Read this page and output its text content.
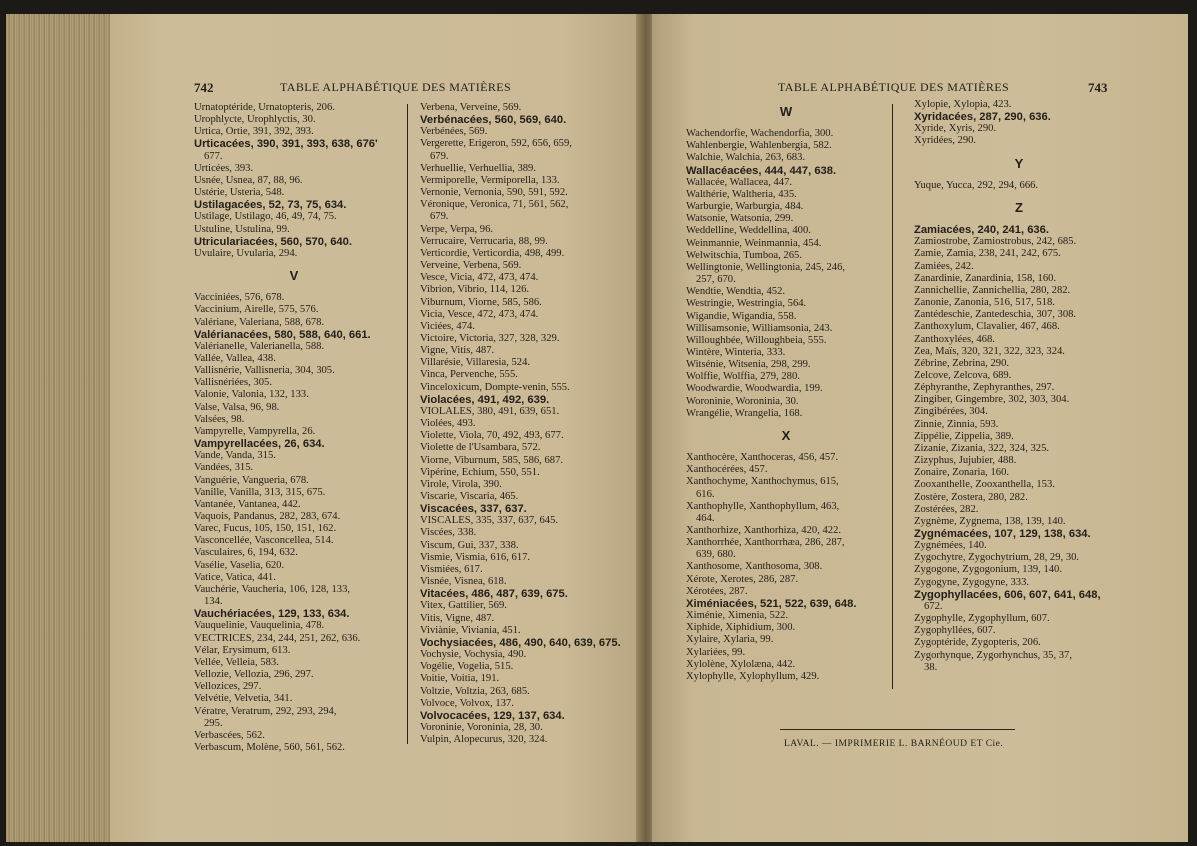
742	TABLE ALPHABÉTIQUE DES MATIÈRES

Urnatoptéride, Urnatopteris, 206.

Urophlycte, Urophlyctis, 30.

Urtica, Ortie, 391, 392, 393.

Urticacées, 390, 391, 393, 638, 676'

677.

Urticées, 393.

Usnée, Usnea, 87, 88, 96.

Ustérie, Usteria, 548.

Ustilagacées, 52, 73, 75, 634.

Ustilage, Ustilago, 46, 49, 74, 75.

Ustuline, Ustulina, 99.

Utriculariacées, 560, 570, 640.

Uvulaire, Uvularia, 294.

V

Vacciniées, 576, 678.

Vaccinium, Airelle, 575, 576.

Valériane, Valeriana, 588, 678.

Valérianacées, 580, 588, 640, 661.

Valérianelle, Valerianella, 588.

Vallée, Vallea, 438.

Vallisnérie, Vallisneria, 304, 305.

Vallisnériées, 305.

Valonie, Valonia, 132, 133.

Valse, Valsa, 96, 98.

Valsées, 98.

Vampyrelle, Vampyrella, 26.

Vampyrellacées, 26, 634.

Vande, Vanda, 315.

Vandées, 315.

Vanguérie, Vangueria, 678.

Vanille, Vanilla, 313, 315, 675.

Vantanée, Vantanea, 442.

Vaquois, Pandanus, 282, 283, 674.

Varec, Fucus, 105, 150, 151, 162.

Vasconcellée, Vasconcellea, 514.

Vasculaires, 6, 194, 632.

Vasélie, Vaselia, 620.

Vatice, Vatica, 441.

Vauchérie, Vaucheria, 106, 128, 133,

134.

Vauchériacées, 129, 133, 634.

Vauquelinie, Vauquelinia, 478.

VECTRICES, 234, 244, 251, 262, 636.

Vélar, Erysimum, 613.

Vellée, Velleia, 583.

Vellozie, Vellozia, 296, 297.

Vellozices, 297.

Velvétie, Velvetia, 341.

Vératre, Veratrum, 292, 293, 294,

295.

Verbascées, 562.

Verbascum, Molène, 560, 561, 562.

Verbena, Verveine, 569.

Verbénacées, 560, 569, 640.

Verbénées, 569.

Vergerette, Erigeron, 592, 656, 659,

679.

Verhuellie, Verhuellia, 389.

Vermiporelle, Vermiporella, 133.

Vernonie, Vernonia, 590, 591, 592.

Véronique, Veronica, 71, 561, 562,

679.

Verpe, Verpa, 96.

Verrucaire, Verrucaria, 88, 99.

Verticordie, Verticordia, 498, 499.

Verveine, Verbena, 569.

Vesce, Vicia, 472, 473, 474.

Vibrion, Vibrio, 114, 126.

Viburnum, Viorne, 585, 586.

Vicia, Vesce, 472, 473, 474.

Viciées, 474.

Victoire, Victoria, 327, 328, 329.

Vigne, Vitis, 487.

Villarésie, Villaresia, 524.

Vinca, Pervenche, 555.

Vinceloxicum, Dompte-venin, 555.

Violacées, 491, 492, 639.

VIOLALES, 380, 491, 639, 651.

Violées, 493.

Violette, Viola, 70, 492, 493, 677.

Violette de l'Usambara, 572.

Viorne, Viburnum, 585, 586, 687.

Vipérine, Echium, 550, 551.

Virole, Virola, 390.

Viscarie, Viscaria, 465.

Viscacées, 337, 637.

VISCALES, 335, 337, 637, 645.

Viscées, 338.

Viscum, Gui, 337, 338.

Vismie, Vismia, 616, 617.

Vismiées, 617.

Visnée, Visnea, 618.

Vitacées, 486, 487, 639, 675.

Vitex, Gattilier, 569.

Vitis, Vigne, 487.

Viviànie, Viviania, 451.

Vochysiacées, 486, 490, 640, 639, 675.

Vochysie, Vochysia, 490.

Vogélie, Vogelia, 515.

Voitie, Voitia, 191.

Voltzie, Voltzia, 263, 685.

Volvoce, Volvox, 137.

Volvocacées, 129, 137, 634.

Voroninie, Voroninia, 28, 30.

Vulpin, Alopecurus, 320, 324.

TABLE ALPHABÉTIQUE DES MATIÈRES	743
W

Wachendorfie, Wachendorfia, 300.

Wahlenbergie, Wahlenbergia, 582.

Walchie, Walchia, 263, 683.

Wallacéacées, 444, 447, 638.

Wallacée, Wallacea, 447.

Walthérie, Waltheria, 435.

Warburgie, Warburgia, 484.

Watsonie, Watsonia, 299.

Weddelline, Weddellina, 400.

Weinmannie, Weinmannia, 454.

Welwitschia, Tumboa, 265.

Wellingtonie, Wellingtonia, 245, 246,

257, 670.

Wendtie, Wendtia, 452.

Westringie, Westringia, 564.

Wigandie, Wigandia, 558.

Willisamsonie, Williamsonia, 243.

Willoughbée, Willoughbeia, 555.

Wintère, Winteria, 333.

Witsénie, Witsenia, 298, 299.

Wolffie, Wolffia, 279, 280.

Woodwardie, Woodwardia, 199.

Woroninie, Woroninia, 30.

Wrangélie, Wrangelia, 168.

X

Xanthocère, Xanthoceras, 456, 457.

Xanthocérées, 457.

Xanthochyme, Xanthochymus, 615,

616.

Xanthophylle, Xanthophyllum, 463,

464.

Xanthorhize, Xanthorhiza, 420, 422.

Xanthorrhée, Xanthorrhæa, 286, 287,

639, 680.

Xanthosome, Xanthosoma, 308.

Xérote, Xerotes, 286, 287.

Xérotées, 287.

Ximéniacées, 521, 522, 639, 648.

Ximénie, Ximenia, 522.

Xiphide, Xiphidium, 300.

Xylaire, Xylaria, 99.

Xylariées, 99.

Xylolène, Xylolæna, 442.

Xylophylle, Xylophyllum, 429.

Xylopie, Xylopia, 423.

Xyridacées, 287, 290, 636.

Xyride, Xyris, 290.

Xyridées, 290.

Y

Yuque, Yucca, 292, 294, 666.

Z

Zamiacées, 240, 241, 636.

Zamiostrobe, Zamiostrobus, 242, 685.

Zamie, Zamia, 238, 241, 242, 675.

Zamiées, 242.

Zanardinie, Zanardinia, 158, 160.

Zannichellie, Zannichellia, 280, 282.

Zanonie, Zanonia, 516, 517, 518.

Zantédeschie, Zantedeschia, 307, 308.

Zanthoxylum, Clavalier, 467, 468.

Zanthoxylées, 468.

Zea, Maïs, 320, 321, 322, 323, 324.

Zébrine, Zebrina, 290.

Zelcove, Zelcova, 689.

Zéphyranthe, Zephyranthes, 297.

Zingiber, Gingembre, 302, 303, 304.

Zingibérées, 304.

Zinnie, Zinnia, 593.

Zippélie, Zippelia, 389.

Zizanie, Zizania, 322, 324, 325.

Zizyphus, Jujubier, 488.

Zonaire, Zonaria, 160.

Zooxanthelle, Zooxanthella, 153.

Zostère, Zostera, 280, 282.

Zostérées, 282.

Zygnème, Zygnema, 138, 139, 140.

Zygnémacées, 107, 129, 138, 634.

Zygnémées, 140.

Zygochytre, Zygochytrium, 28, 29, 30.

Zygogone, Zygogonium, 139, 140.

Zygogyne, Zygogyne, 333.

Zygophyllacées, 606, 607, 641, 648,

672.

Zygophylle, Zygophyllum, 607.

Zygophyllées, 607.

Zygoptéride, Zygopteris, 206.

Zygorhynque, Zygorhynchus, 35, 37,

38.

LAVAL. — IMPRIMERIE L. BARNÉOUD ET Cie.
